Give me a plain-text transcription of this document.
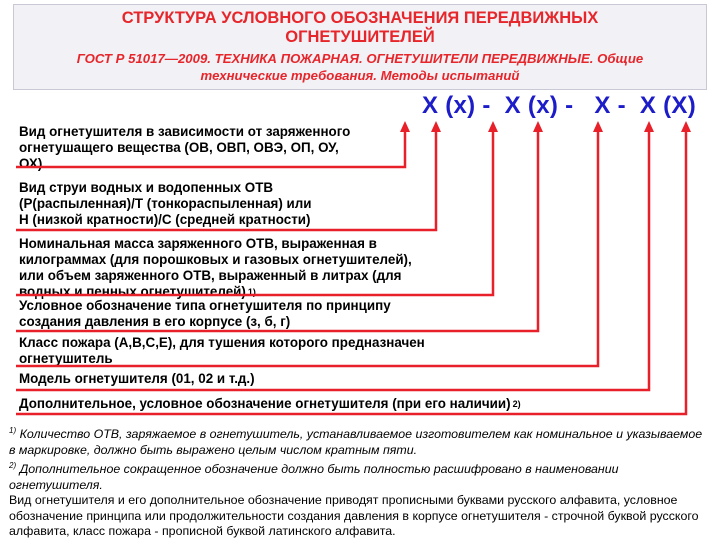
СТРУКТУРА УСЛОВНОГО ОБОЗНАЧЕНИЯ ПЕРЕДВИЖНЫХ
ОГНЕТУШИТЕЛЕЙ
ГОСТ Р 51017—2009. ТЕХНИКА ПОЖАРНАЯ. ОГНЕТУШИТЕЛИ ПЕРЕДВИЖНЫЕ. Общие
технические требования. Методы испытаний
Х (х) -  Х (х) -   Х -  Х (Х)
Вид огнетушителя в зависимости от заряженного
огнетушащего вещества (ОВ, ОВП, ОВЭ, ОП, ОУ,
ОХ)
Вид струи водных и водопенных ОТВ
(Р(распыленная)/Т (тонкораспыленная) или
Н (низкой кратности)/С (средней кратности)
Номинальная масса заряженного ОТВ, выраженная в
килограммах (для порошковых и газовых огнетушителей),
или объем заряженного ОТВ, выраженный в литрах (для
водных и пенных огнетушителей) $^{1)}$
Условное обозначение типа огнетушителя по принципу
создания давления в его корпусе (з, б, г)
Класс пожара (А,В,С,Е), для тушения которого предназначен
огнетушитель
Модель огнетушителя (01, 02 и т.д.)
Дополнительное, условное обозначение огнетушителя (при его наличии) $^{2)}$
$^{1)}$ Количество ОТВ, заряжаемое в огнетушитель, устанавливаемое изготовителем как номинальное и указываемое в маркировке, должно быть выражено целым числом кратным пяти.
$^{2)}$ Дополнительное сокращенное обозначение должно быть полностью расшифровано в наименовании огнетушителя.
Вид огнетушителя и его дополнительное обозначение приводят прописными буквами русского алфавита, условное обозначение принципа или продолжительности создания давления в корпусе огнетушителя - строчной буквой русского алфавита, класс пожара - прописной буквой латинского алфавита.
